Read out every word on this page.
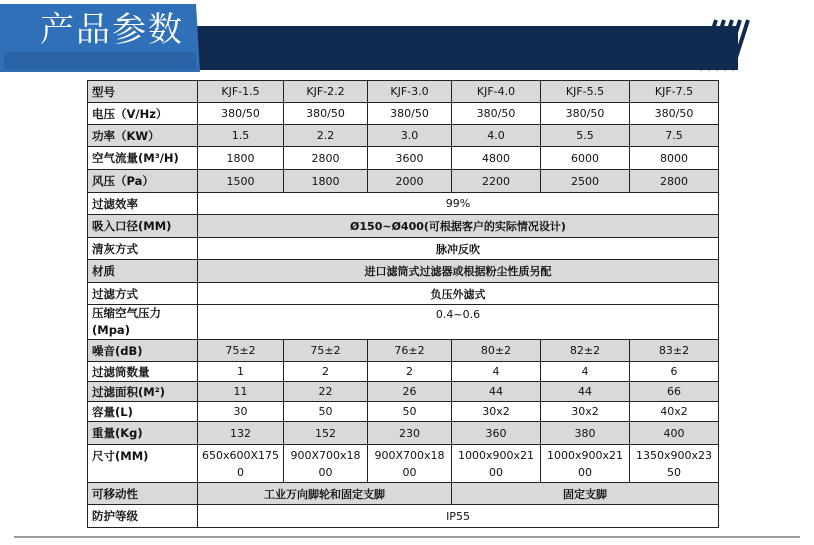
产品参数
型号	KJF-1.5	KJF-2.2	KJF-3.0	KJF-4.0	KJF-5.5	KJF-7.5
电压（V/Hz）	380/50	380/50	380/50	380/50	380/50	380/50
功率（KW）	1.5	2.2	3.0	4.0	5.5	7.5
空气流量(M³/H)	1800	2800	3600	4800	6000	8000
风压（Pa）	1500	1800	2000	2200	2500	2800
过滤效率	99%					
吸入口径(MM)	Ø150~Ø400(可根据客户的实际情况设计)					
清灰方式	脉冲反吹					
材质	进口滤筒式过滤器或根据粉尘性质另配					
过滤方式	负压外滤式					
压缩空气压力
(Mpa)	0.4~0.6					
噪音(dB)	75±2	75±2	76±2	80±2	82±2	83±2
过滤筒数量	1	2	2	4	4	6
过滤面积(M²)	11	22	26	44	44	66
容量(L)	30	50	50	30x2	30x2	40x2
重量(Kg)	132	152	230	360	380	400
尺寸(MM)	650x600X1750	900X700x1800	900X700x1800	1000x900x2100	1000x900x2100	1350x900x2350
可移动性	工业万向脚轮和固定支脚			固定支脚		
防护等级	IP55					
